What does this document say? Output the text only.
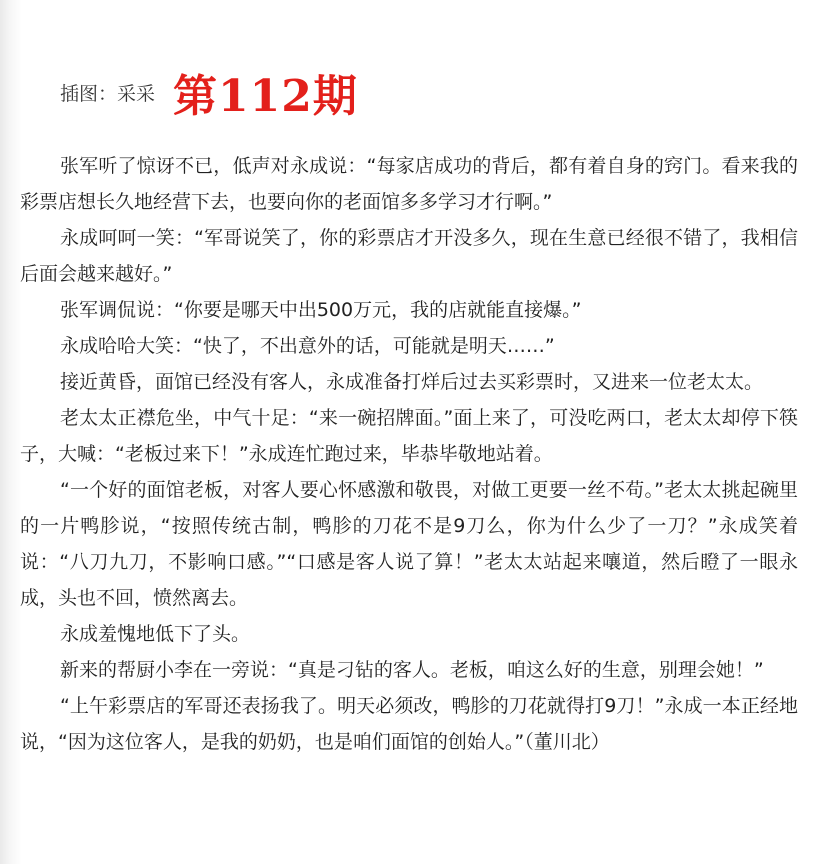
插图：采采 第112期

张军听了惊讶不已，低声对永成说：“每家店成功的背后，都有着自身的窍门。看来我的彩票店想长久地经营下去，也要向你的老面馆多多学习才行啊。”

永成呵呵一笑：“军哥说笑了，你的彩票店才开没多久，现在生意已经很不错了，我相信后面会越来越好。”

张军调侃说：“你要是哪天中出500万元，我的店就能直接爆。”

永成哈哈大笑：“快了，不出意外的话，可能就是明天……”

接近黄昏，面馆已经没有客人，永成准备打烊后过去买彩票时，又进来一位老太太。

老太太正襟危坐，中气十足：“来一碗招牌面。”面上来了，可没吃两口，老太太却停下筷子，大喊：“老板过来下！”永成连忙跑过来，毕恭毕敬地站着。

“一个好的面馆老板，对客人要心怀感激和敬畏，对做工更要一丝不苟。”老太太挑起碗里的一片鸭胗说，“按照传统古制，鸭胗的刀花不是9刀么，你为什么少了一刀？”永成笑着说：“八刀九刀，不影响口感。”“口感是客人说了算！”老太太站起来嚷道，然后瞪了一眼永成，头也不回，愤然离去。

永成羞愧地低下了头。

新来的帮厨小李在一旁说：“真是刁钻的客人。老板，咱这么好的生意，别理会她！”

“上午彩票店的军哥还表扬我了。明天必须改，鸭胗的刀花就得打9刀！”永成一本正经地说，“因为这位客人，是我的奶奶，也是咱们面馆的创始人。”（董川北）
